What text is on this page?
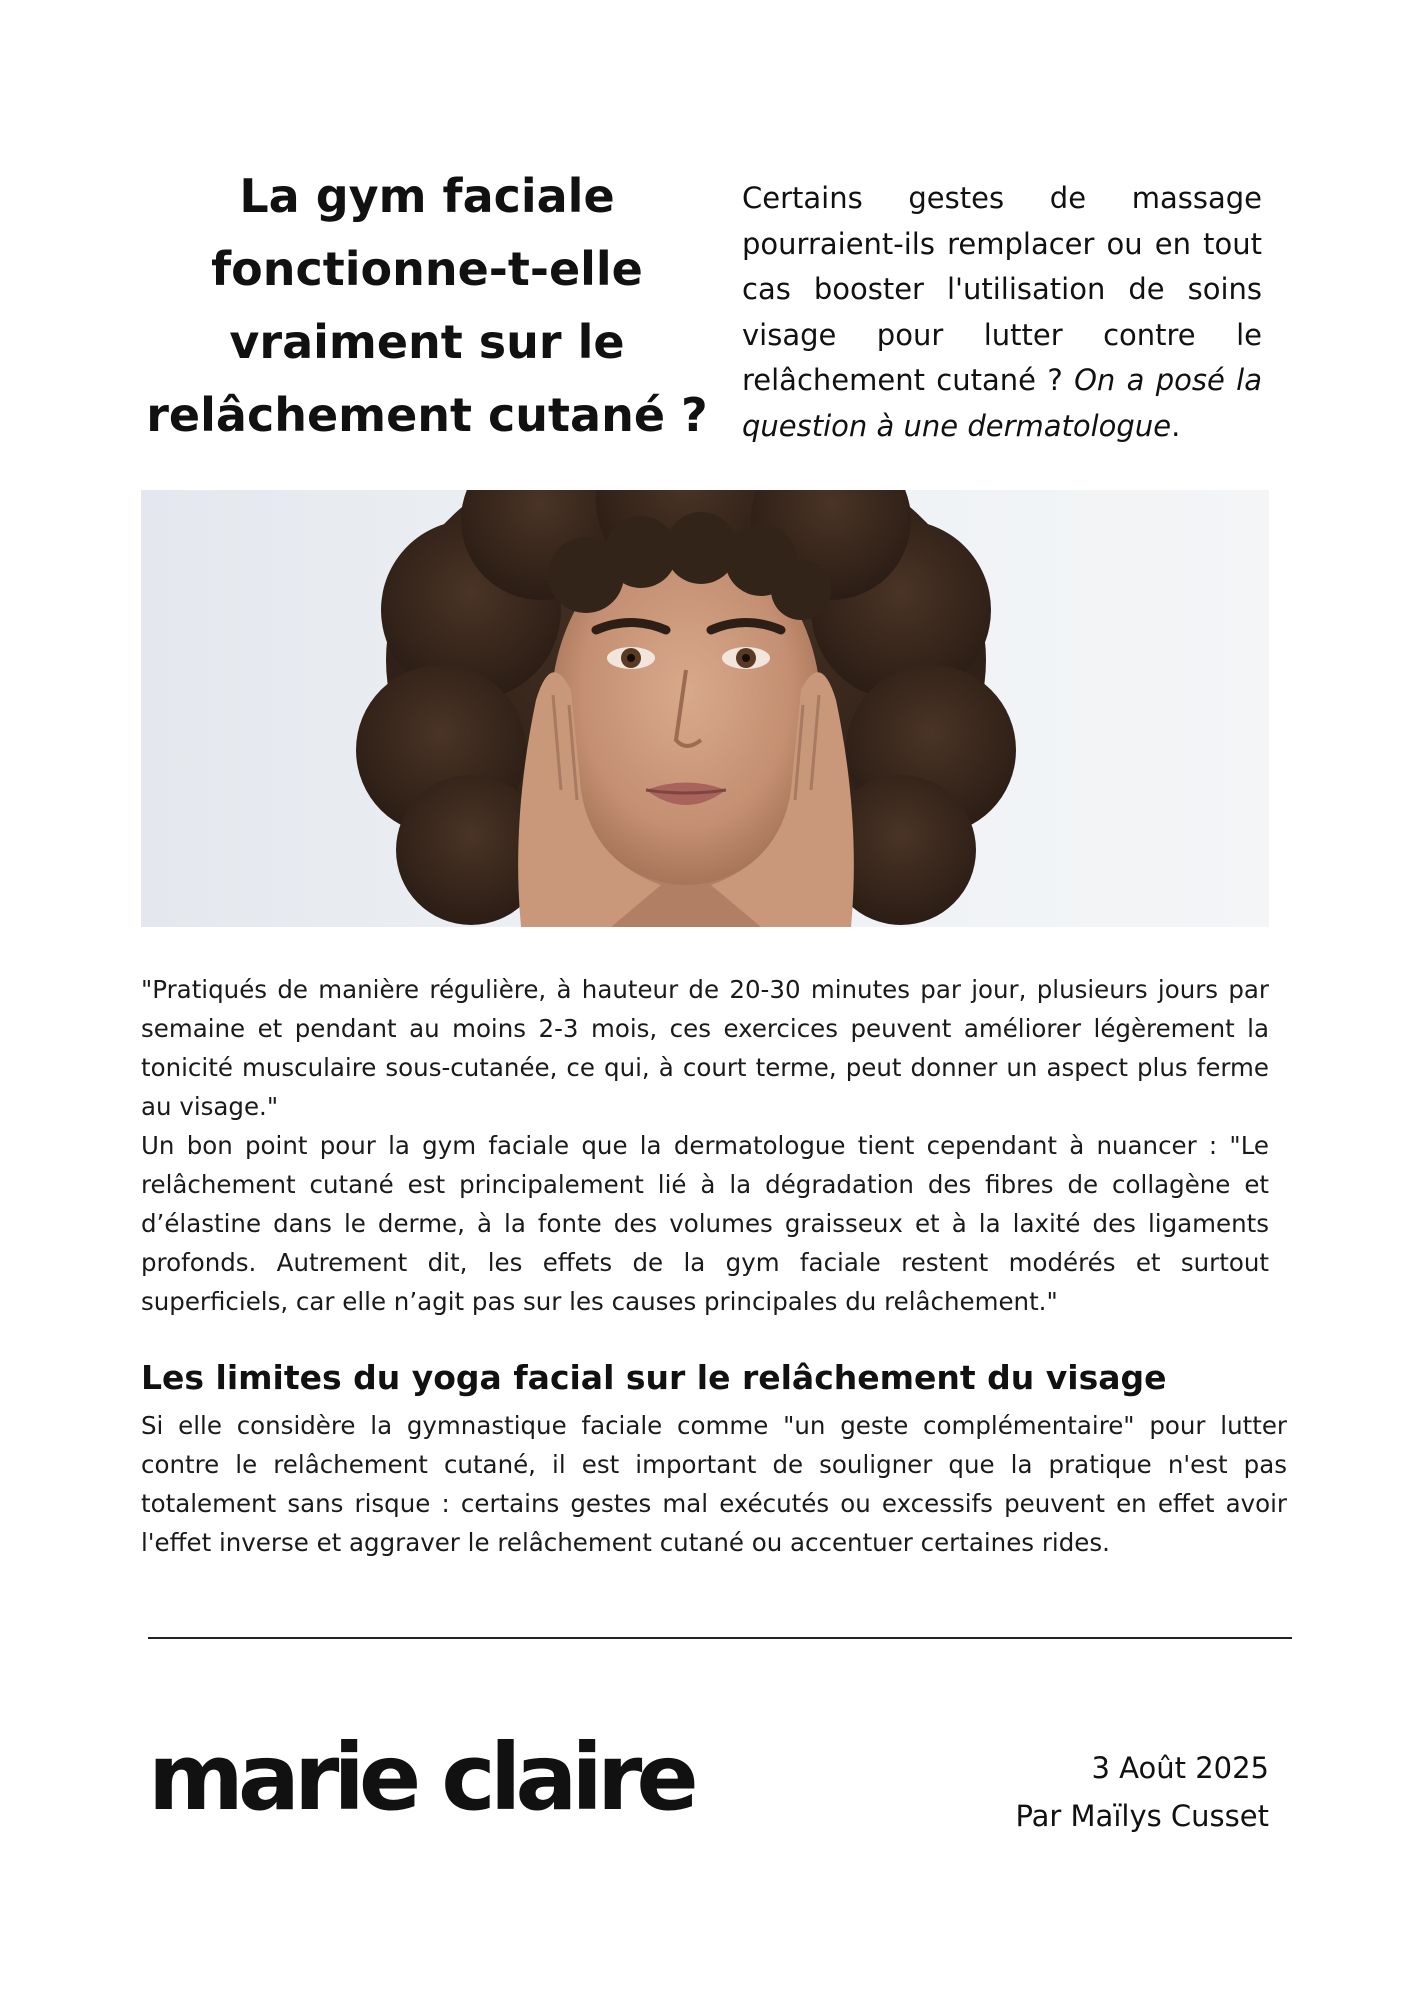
La gym faciale fonctionne-t-elle vraiment sur le relâchement cutané ?

Certains gestes de massage pourraient-ils remplacer ou en tout cas booster l'utilisation de soins visage pour lutter contre le relâchement cutané ? On a posé la question à une dermatologue.

"Pratiqués de manière régulière, à hauteur de 20-30 minutes par jour, plusieurs jours par semaine et pendant au moins 2-3 mois, ces exercices peuvent améliorer légèrement la tonicité musculaire sous-cutanée, ce qui, à court terme, peut donner un aspect plus ferme au visage."
Un bon point pour la gym faciale que la dermatologue tient cependant à nuancer : "Le relâchement cutané est principalement lié à la dégradation des fibres de collagène et d’élastine dans le derme, à la fonte des volumes graisseux et à la laxité des ligaments profonds. Autrement dit, les effets de la gym faciale restent modérés et surtout superficiels, car elle n’agit pas sur les causes principales du relâchement."
Les limites du yoga facial sur le relâchement du visage

Si elle considère la gymnastique faciale comme "un geste complémentaire" pour lutter contre le relâchement cutané, il est important de souligner que la pratique n'est pas totalement sans risque : certains gestes mal exécutés ou excessifs peuvent en effet avoir l'effet inverse et aggraver le relâchement cutané ou accentuer certaines rides.

marie claire	3 Août 2025
Par Maïlys Cusset
